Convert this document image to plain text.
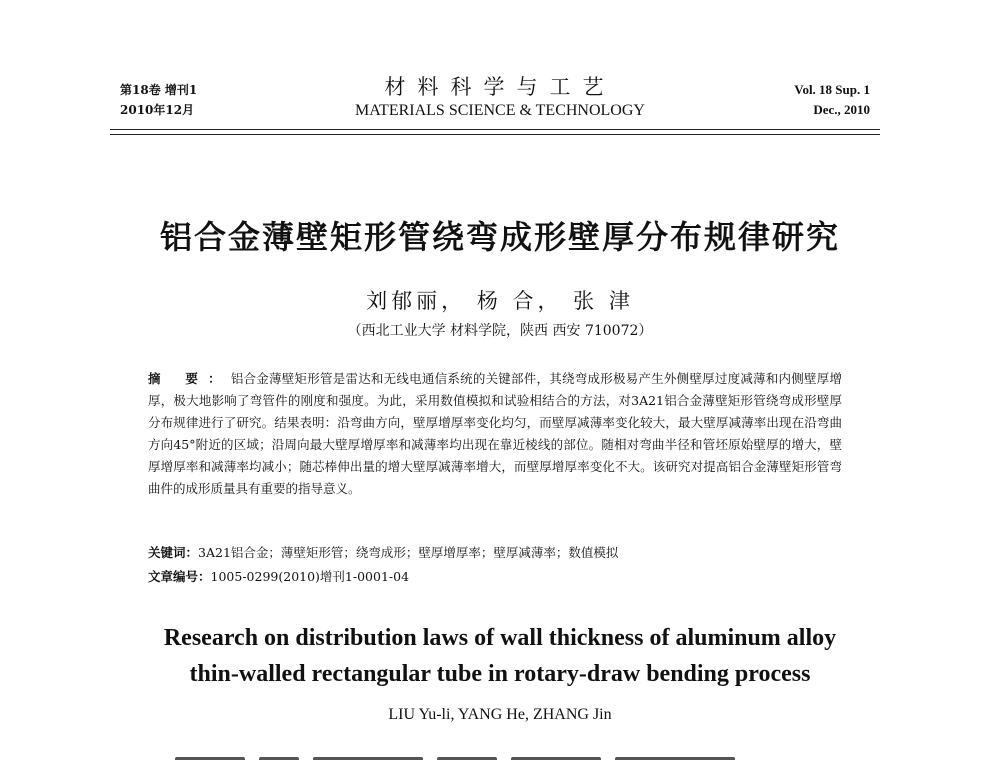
第18卷 增刊1
2010年12月
材料科学与工艺
MATERIALS SCIENCE & TECHNOLOGY
Vol. 18 Sup. 1
Dec., 2010
铝合金薄壁矩形管绕弯成形壁厚分布规律研究
刘郁丽， 杨 合， 张 津
（西北工业大学 材料学院，陕西 西安 710072）
摘 要：铝合金薄壁矩形管是雷达和无线电通信系统的关键部件，其绕弯成形极易产生外侧壁厚过度减薄和内侧壁厚增厚，极大地影响了弯管件的刚度和强度。为此，采用数值模拟和试验相结合的方法，对3A21铝合金薄壁矩形管绕弯成形壁厚分布规律进行了研究。结果表明：沿弯曲方向，壁厚增厚率变化均匀，而壁厚减薄率变化较大，最大壁厚减薄率出现在沿弯曲方向45°附近的区域；沿周向最大壁厚增厚率和减薄率均出现在靠近棱线的部位。随相对弯曲半径和管坯原始壁厚的增大，壁厚增厚率和减薄率均减小；随芯棒伸出量的增大壁厚减薄率增大，而壁厚增厚率变化不大。该研究对提高铝合金薄壁矩形管弯曲件的成形质量具有重要的指导意义。
关键词：3A21铝合金；薄壁矩形管；绕弯成形；壁厚增厚率；壁厚减薄率；数值模拟
文章编号：1005-0299(2010)增刊1-0001-04
Research on distribution laws of wall thickness of aluminum alloy
thin-walled rectangular tube in rotary-draw bending process
LIU Yu-li, YANG He, ZHANG Jin
